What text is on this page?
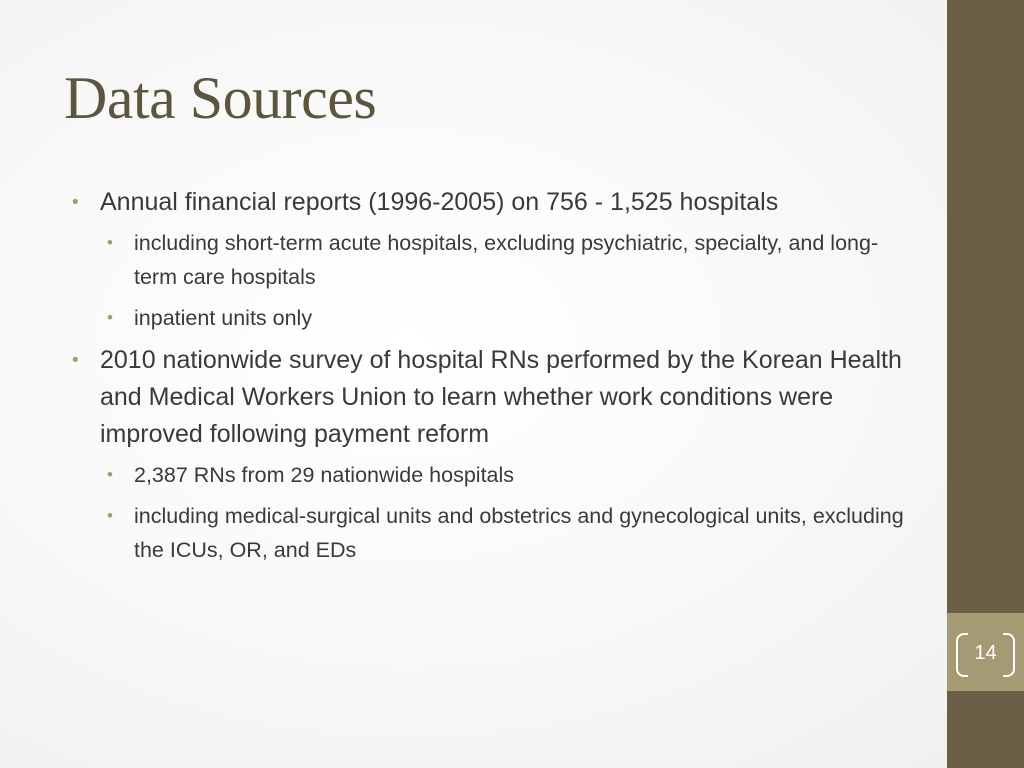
Data Sources
• Annual financial reports (1996-2005) on 756 - 1,525 hospitals
• including short-term acute hospitals, excluding psychiatric, specialty, and long-term care hospitals
• inpatient units only
• 2010 nationwide survey of hospital RNs performed by the Korean Health and Medical Workers Union to learn whether work conditions were improved following payment reform
• 2,387 RNs from 29 nationwide hospitals
• including medical-surgical units and obstetrics and gynecological units, excluding the ICUs, OR, and EDs
14
